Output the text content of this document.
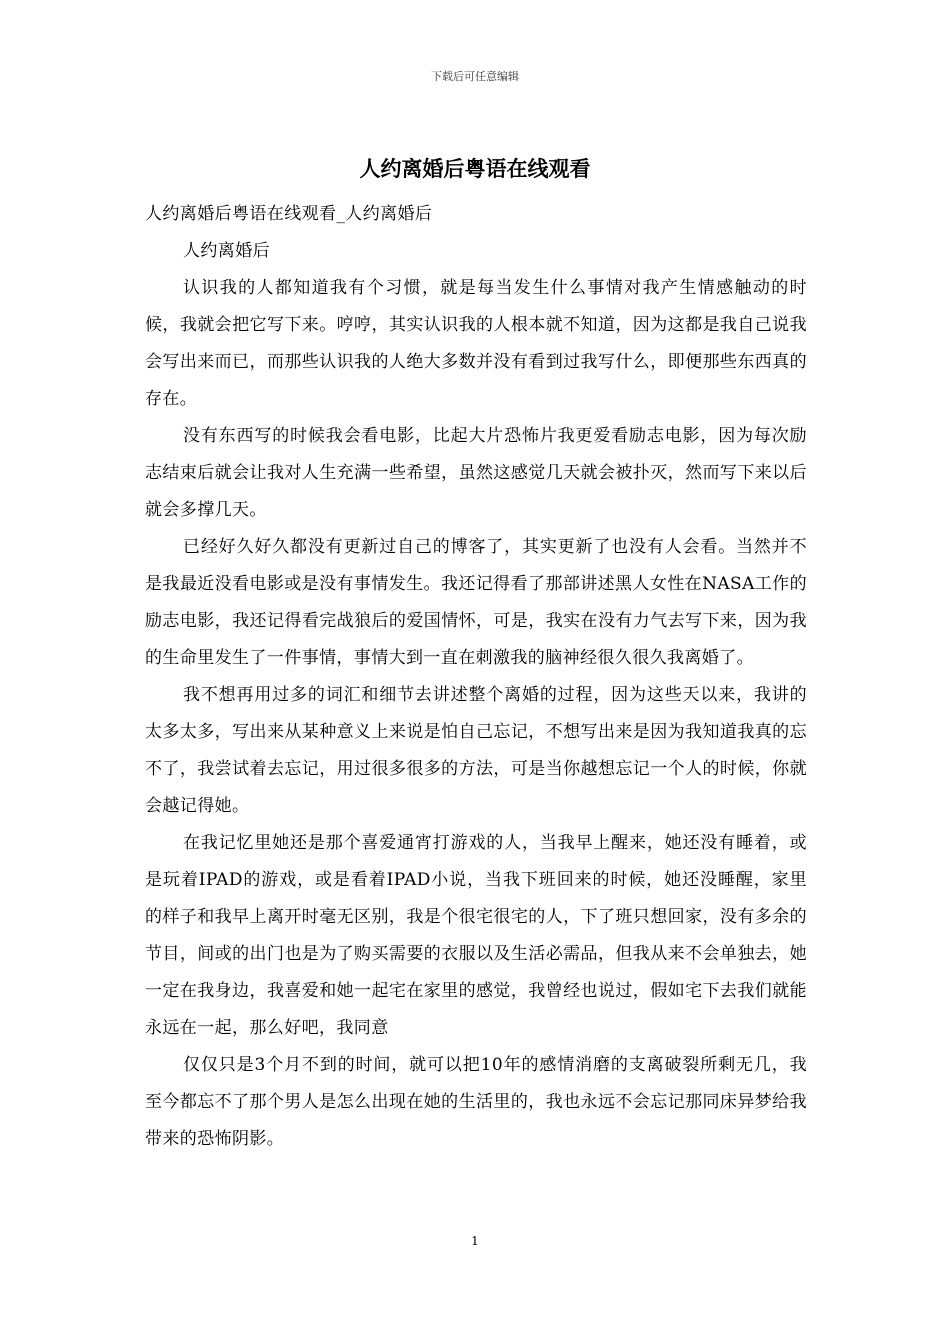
下载后可任意编辑
人约离婚后粤语在线观看

人约离婚后粤语在线观看_人约离婚后

人约离婚后

认识我的人都知道我有个习惯，就是每当发生什么事情对我产生情感触动的时候，我就会把它写下来。哼哼，其实认识我的人根本就不知道，因为这都是我自己说我会写出来而已，而那些认识我的人绝大多数并没有看到过我写什么，即便那些东西真的存在。

没有东西写的时候我会看电影，比起大片恐怖片我更爱看励志电影，因为每次励志结束后就会让我对人生充满一些希望，虽然这感觉几天就会被扑灭，然而写下来以后就会多撑几天。

已经好久好久都没有更新过自己的博客了，其实更新了也没有人会看。当然并不是我最近没看电影或是没有事情发生。我还记得看了那部讲述黑人女性在NASA工作的励志电影，我还记得看完战狼后的爱国情怀，可是，我实在没有力气去写下来，因为我的生命里发生了一件事情，事情大到一直在刺激我的脑神经很久很久我离婚了。

我不想再用过多的词汇和细节去讲述整个离婚的过程，因为这些天以来，我讲的太多太多，写出来从某种意义上来说是怕自己忘记，不想写出来是因为我知道我真的忘不了，我尝试着去忘记，用过很多很多的方法，可是当你越想忘记一个人的时候，你就会越记得她。

在我记忆里她还是那个喜爱通宵打游戏的人，当我早上醒来，她还没有睡着，或是玩着IPAD的游戏，或是看着IPAD小说，当我下班回来的时候，她还没睡醒，家里的样子和我早上离开时毫无区别，我是个很宅很宅的人，下了班只想回家，没有多余的节目，间或的出门也是为了购买需要的衣服以及生活必需品，但我从来不会单独去，她一定在我身边，我喜爱和她一起宅在家里的感觉，我曾经也说过，假如宅下去我们就能永远在一起，那么好吧，我同意

仅仅只是3个月不到的时间，就可以把10年的感情消磨的支离破裂所剩无几，我至今都忘不了那个男人是怎么出现在她的生活里的，我也永远不会忘记那同床异梦给我带来的恐怖阴影。

1
